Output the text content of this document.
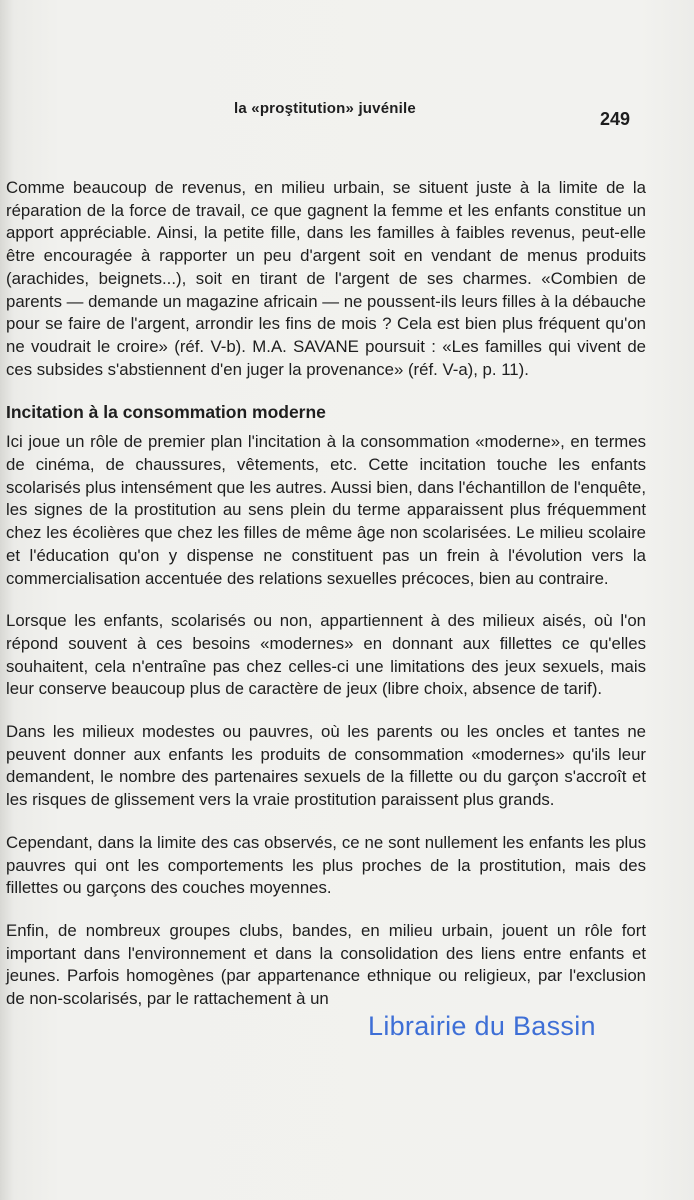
la «proştitution» juvénile
249

Comme beaucoup de revenus, en milieu urbain, se situent juste à la limite de la réparation de la force de travail, ce que gagnent la femme et les enfants constitue un apport appréciable. Ainsi, la petite fille, dans les familles à faibles revenus, peut-elle être encouragée à rapporter un peu d'argent soit en vendant de menus produits (arachides, beignets...), soit en tirant de l'argent de ses charmes. «Combien de parents — demande un magazine africain — ne poussent-ils leurs filles à la débauche pour se faire de l'argent, arrondir les fins de mois ? Cela est bien plus fréquent qu'on ne voudrait le croire» (réf. V-b). M.A. SAVANE poursuit : «Les familles qui vivent de ces subsides s'abstiennent d'en juger la provenance» (réf. V-a), p. 11).

Incitation à la consommation moderne

Ici joue un rôle de premier plan l'incitation à la consommation «moderne», en termes de cinéma, de chaussures, vêtements, etc. Cette incitation touche les enfants scolarisés plus intensément que les autres. Aussi bien, dans l'échantillon de l'enquête, les signes de la prostitution au sens plein du terme apparaissent plus fréquemment chez les écolières que chez les filles de même âge non scolarisées. Le milieu scolaire et l'éducation qu'on y dispense ne constituent pas un frein à l'évolution vers la commercialisation accentuée des relations sexuelles précoces, bien au contraire.

Lorsque les enfants, scolarisés ou non, appartiennent à des milieux aisés, où l'on répond souvent à ces besoins «modernes» en donnant aux fillettes ce qu'elles souhaitent, cela n'entraîne pas chez celles-ci une limitations des jeux sexuels, mais leur conserve beaucoup plus de caractère de jeux (libre choix, absence de tarif).

Dans les milieux modestes ou pauvres, où les parents ou les oncles et tantes ne peuvent donner aux enfants les produits de consommation «modernes» qu'ils leur demandent, le nombre des partenaires sexuels de la fillette ou du garçon s'accroît et les risques de glissement vers la vraie prostitution paraissent plus grands.

Cependant, dans la limite des cas observés, ce ne sont nullement les enfants les plus pauvres qui ont les comportements les plus proches de la prostitution, mais des fillettes ou garçons des couches moyennes.

Enfin, de nombreux groupes clubs, bandes, en milieu urbain, jouent un rôle fort important dans l'environnement et dans la consolidation des liens entre enfants et jeunes. Parfois homogènes (par appartenance ethnique ou religieux, par l'exclusion de non-scolarisés, par le rattachement à un

Librairie du Bassin
